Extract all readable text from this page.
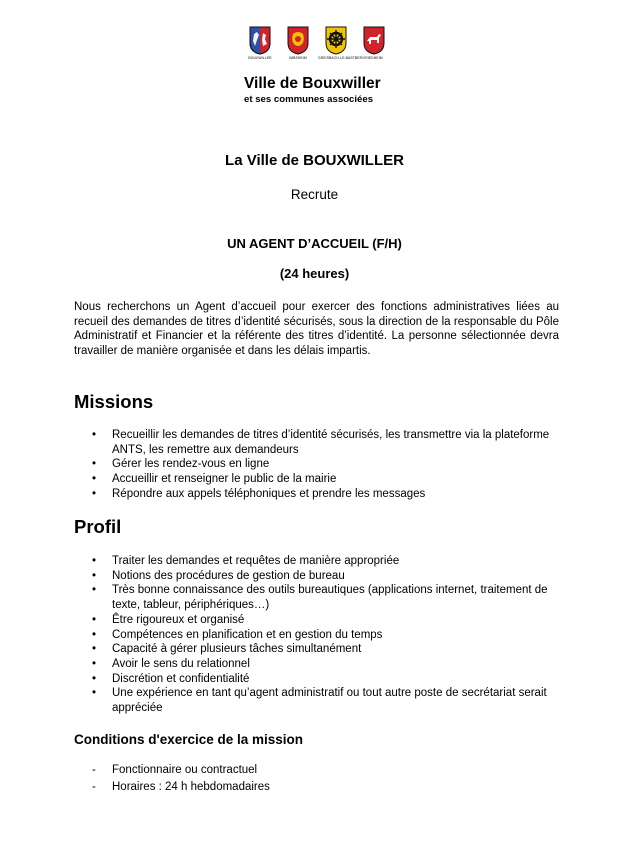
BOUXWILLER	IMBSHEIM	GRIESBACH-LE-BASTBERG RIEDHEIM
Ville de Bouxwiller
et ses communes associées
La Ville de BOUXWILLER
Recrute
UN AGENT D’ACCUEIL (F/H)
(24 heures)

Nous recherchons un Agent d’accueil pour exercer des fonctions administratives liées au recueil des demandes de titres d’identité sécurisés, sous la direction de la responsable du Pôle Administratif et Financier et la référente des titres d’identité. La personne sélectionnée devra travailler de manière organisée et dans les délais impartis.

Missions
• Recueillir les demandes de titres d’identité sécurisés, les transmettre via la plateforme ANTS, les remettre aux demandeurs
• Gérer les rendez-vous en ligne
• Accueillir et renseigner le public de la mairie
• Répondre aux appels téléphoniques et prendre les messages
Profil
• Traiter les demandes et requêtes de manière appropriée
• Notions des procédures de gestion de bureau
• Très bonne connaissance des outils bureautiques (applications internet, traitement de texte, tableur, périphériques…)
• Être rigoureux et organisé
• Compétences en planification et en gestion du temps
• Capacité à gérer plusieurs tâches simultanément
• Avoir le sens du relationnel
• Discrétion et confidentialité
• Une expérience en tant qu’agent administratif ou tout autre poste de secrétariat serait appréciée
Conditions d'exercice de la mission
- Fonctionnaire ou contractuel
- Horaires : 24 h hebdomadaires
